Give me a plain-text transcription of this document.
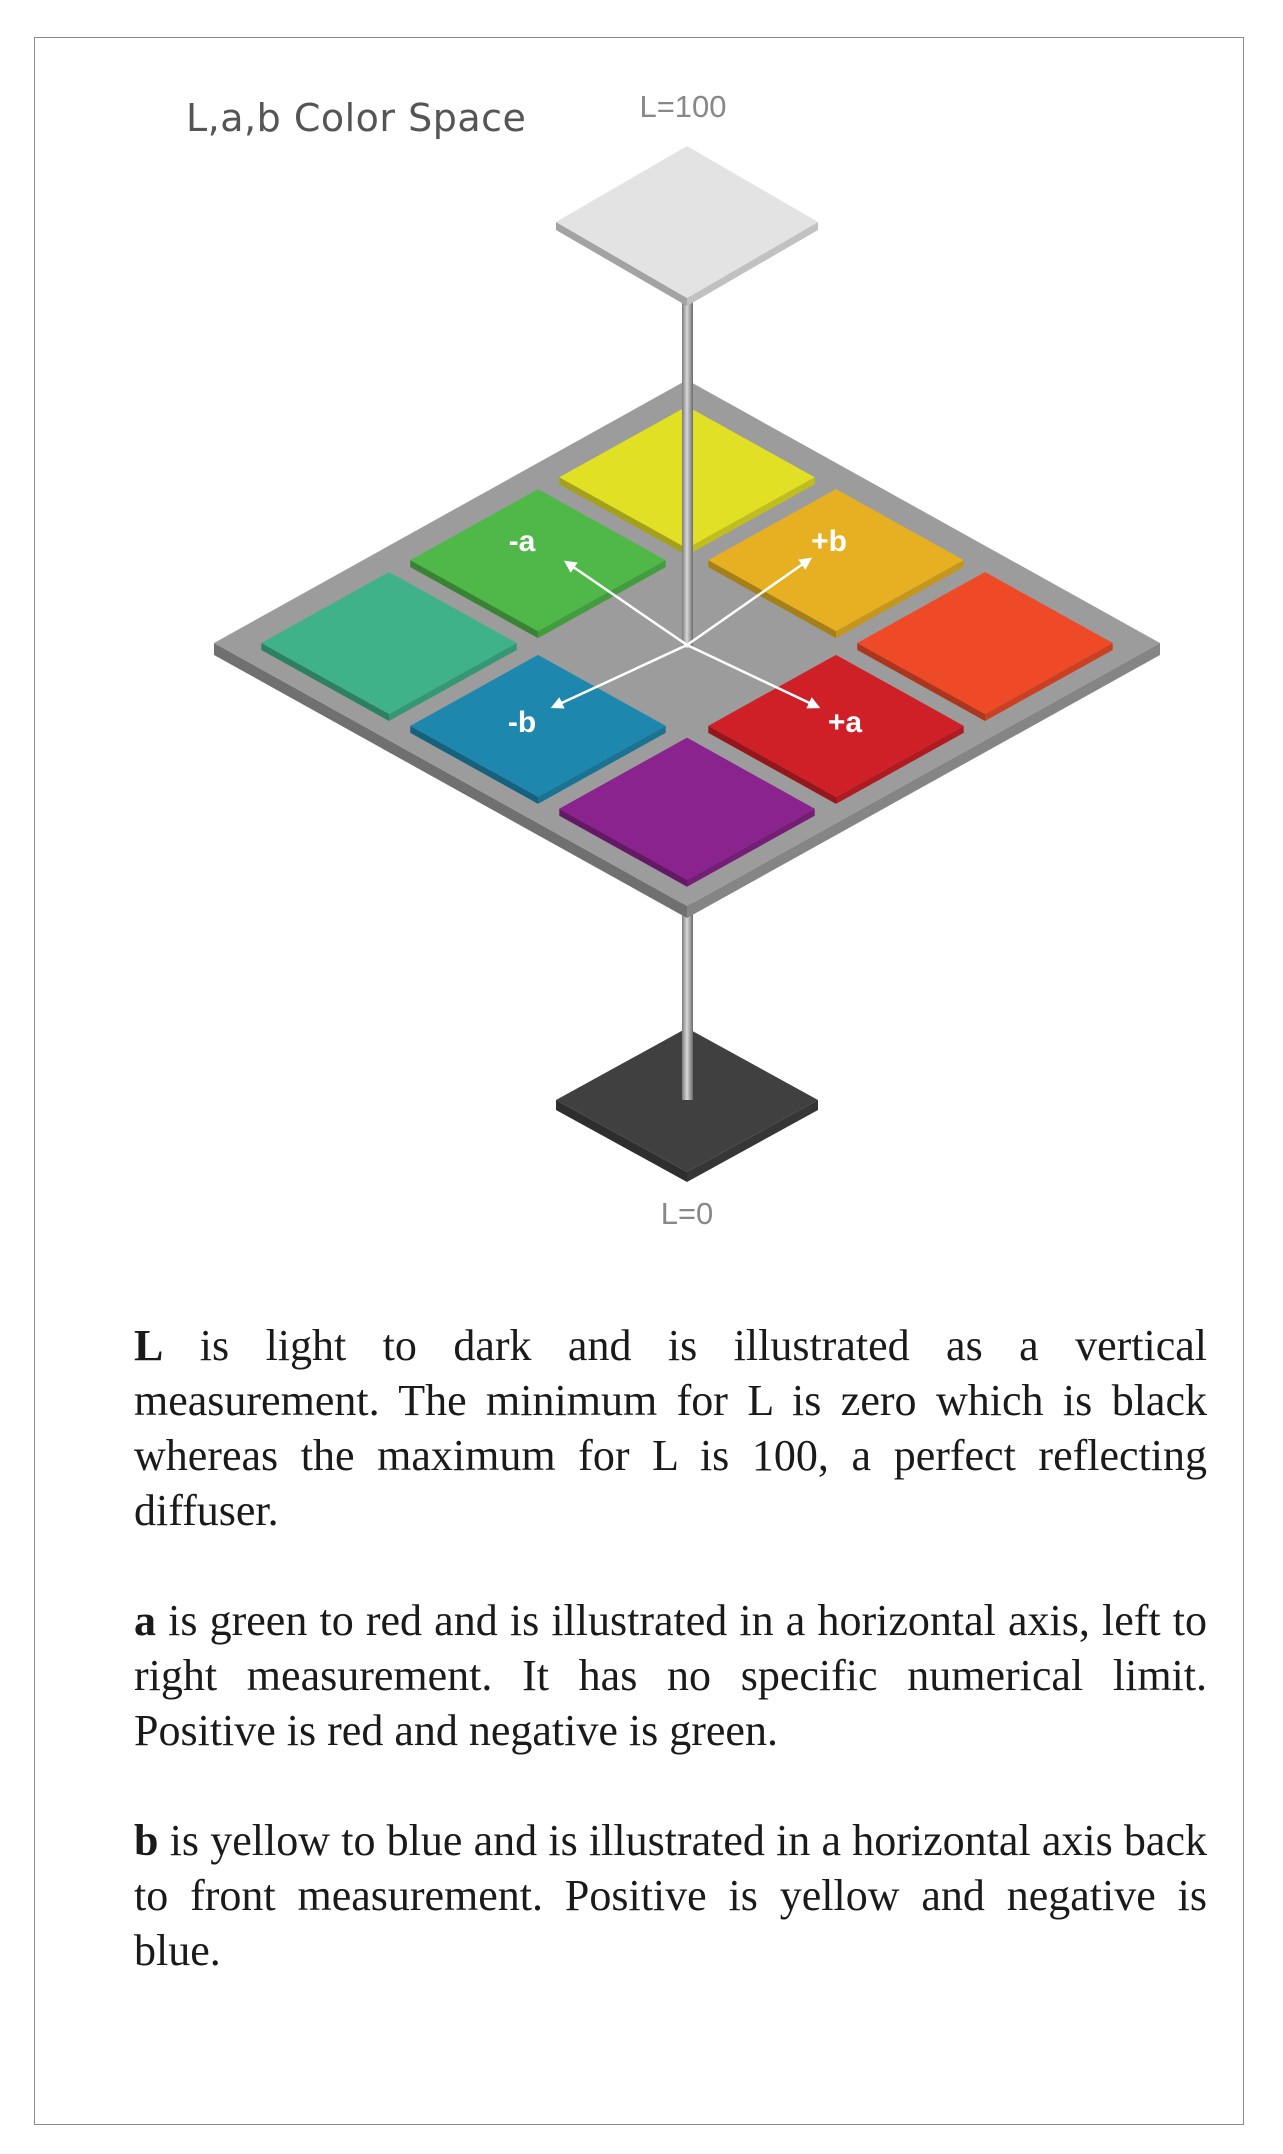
L,a,b Color Space
-a	+b
-b	+a
L=100
L=0

L is light to dark and is illustrated as a vertical measurement. The minimum for L is zero which is black whereas the maximum for L is 100, a perfect reflecting diffuser.

a is green to red and is illustrated in a horizontal axis, left to right measurement. It has no specific numerical limit. Positive is red and negative is green.

b is yellow to blue and is illustrated in a horizontal axis back to front measurement. Positive is yellow and negative is blue.
